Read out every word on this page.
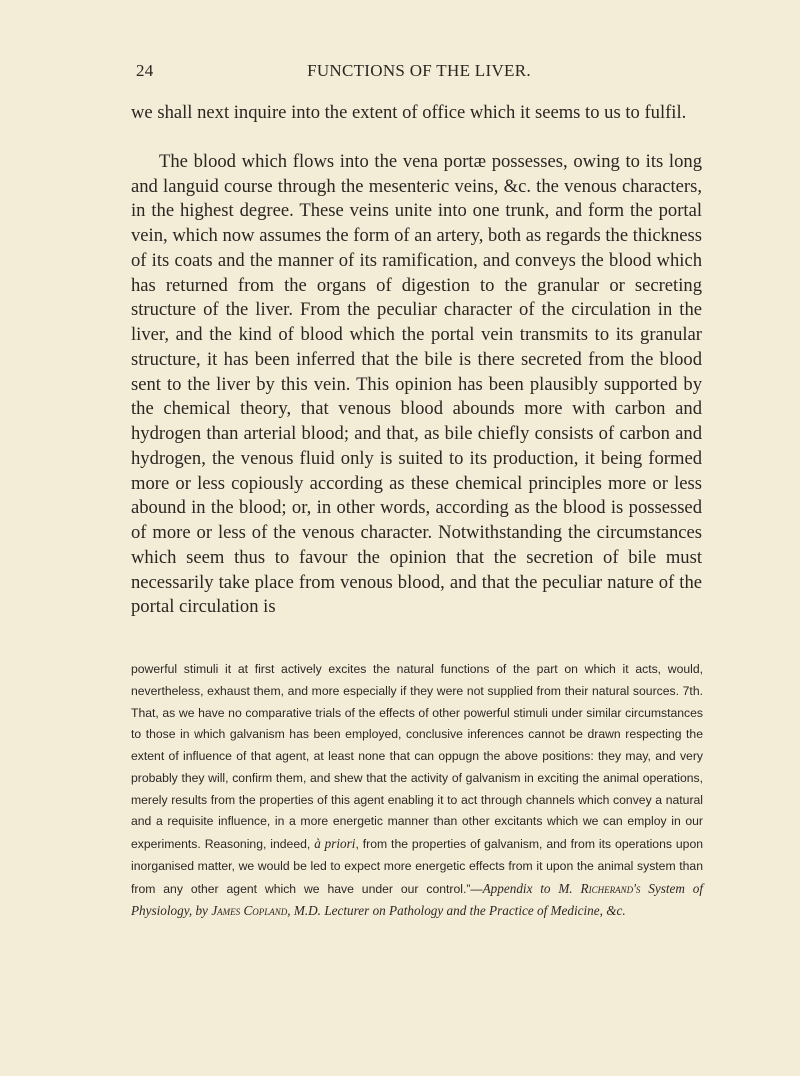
24	FUNCTIONS OF THE LIVER.

we shall next inquire into the extent of office which it seems to us to fulfil.

The blood which flows into the vena portæ possesses, owing to its long and languid course through the mesenteric veins, &c. the venous characters, in the highest degree. These veins unite into one trunk, and form the portal vein, which now assumes the form of an artery, both as regards the thickness of its coats and the manner of its ramification, and conveys the blood which has returned from the organs of digestion to the granular or secreting structure of the liver. From the peculiar character of the circulation in the liver, and the kind of blood which the portal vein transmits to its granular structure, it has been inferred that the bile is there secreted from the blood sent to the liver by this vein. This opinion has been plausibly supported by the chemical theory, that venous blood abounds more with carbon and hydrogen than arterial blood; and that, as bile chiefly consists of carbon and hydrogen, the venous fluid only is suited to its production, it being formed more or less copiously according as these chemical principles more or less abound in the blood; or, in other words, according as the blood is possessed of more or less of the venous character. Notwithstanding the circumstances which seem thus to favour the opinion that the secretion of bile must necessarily take place from venous blood, and that the peculiar nature of the portal circulation is

powerful stimuli it at first actively excites the natural functions of the part on which it acts, would, nevertheless, exhaust them, and more especially if they were not supplied from their natural sources. 7th. That, as we have no comparative trials of the effects of other powerful stimuli under similar circumstances to those in which galvanism has been employed, conclusive inferences cannot be drawn respecting the extent of influence of that agent, at least none that can oppugn the above positions: they may, and very probably they will, confirm them, and shew that the activity of galvanism in exciting the animal operations, merely results from the properties of this agent enabling it to act through channels which convey a natural and a requisite influence, in a more energetic manner than other excitants which we can employ in our experiments. Reasoning, indeed, à priori, from the properties of galvanism, and from its operations upon inorganised matter, we would be led to expect more energetic effects from it upon the animal system than from any other agent which we have under our control.”—Appendix to M. Richerand's System of Physiology, by James Copland, M.D. Lecturer on Pathology and the Practice of Medicine, &c.
